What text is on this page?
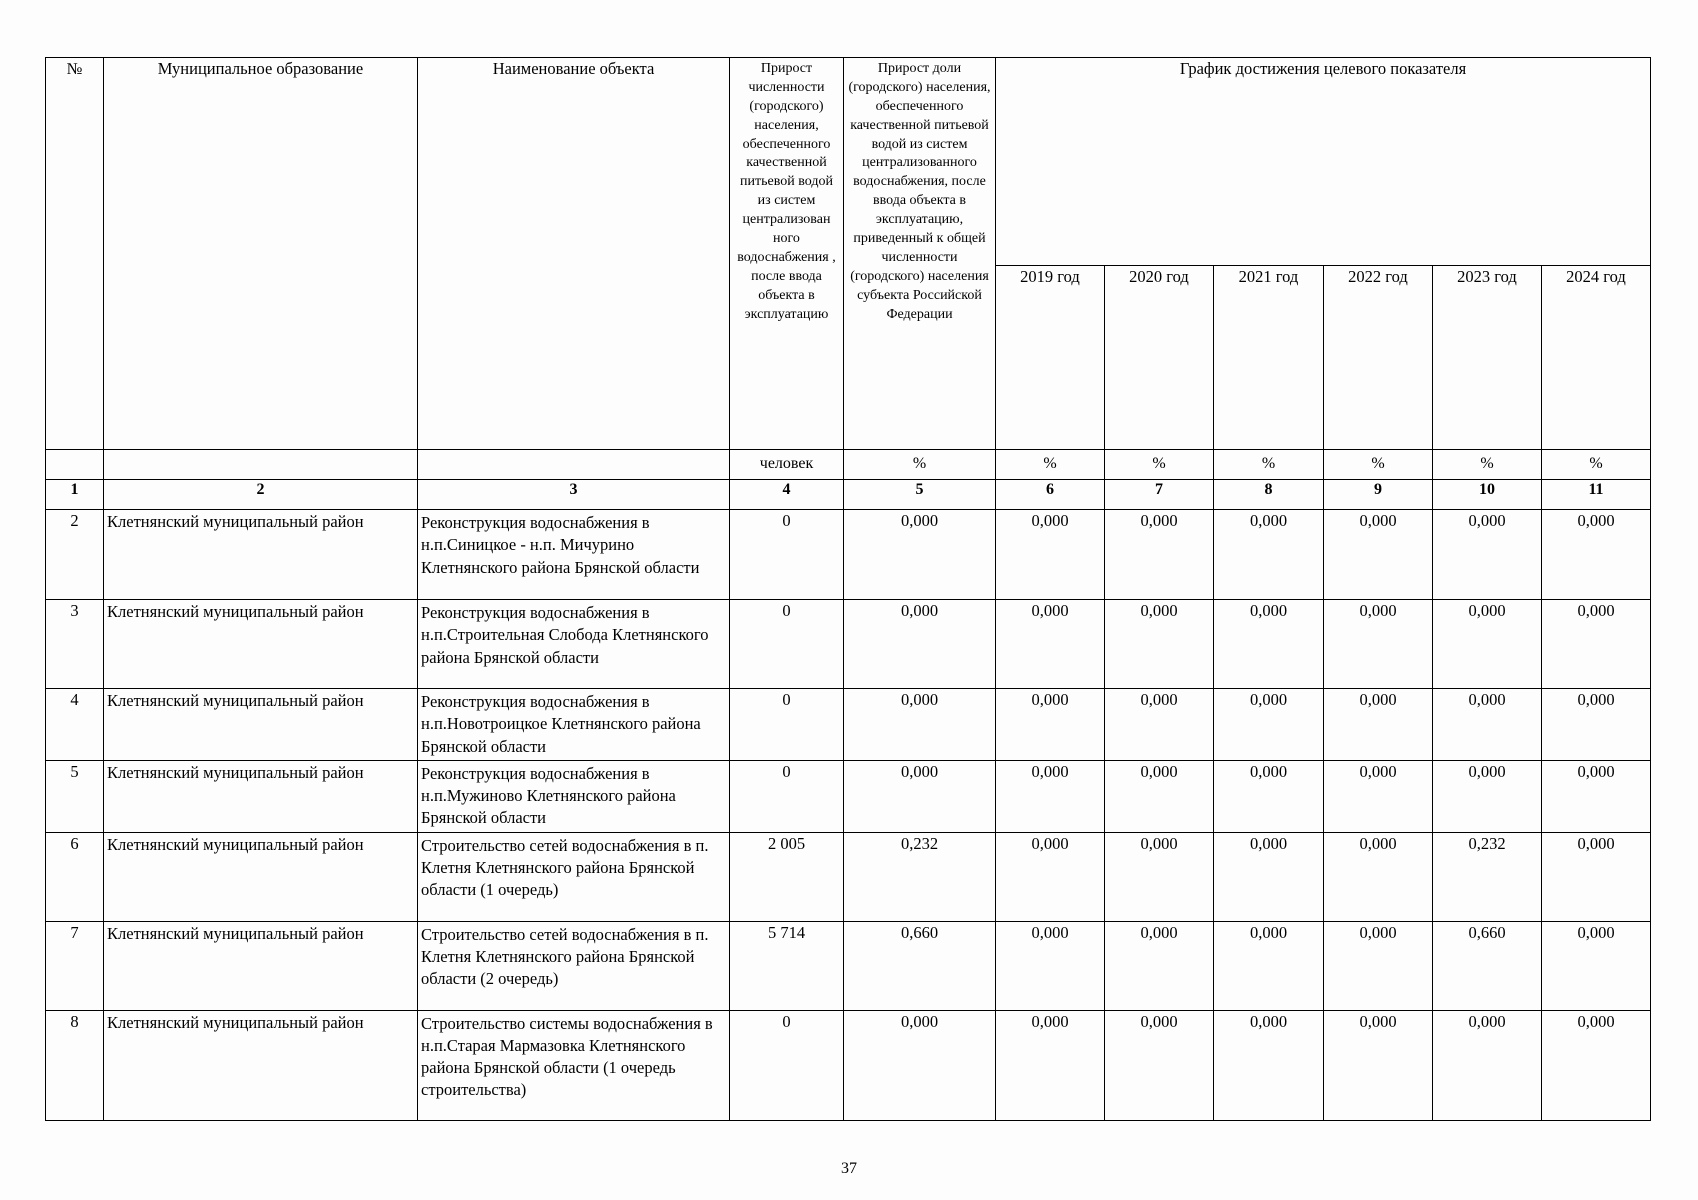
№	Муниципальное образование	Наименование объекта	Прирост численности (городского) населения, обеспеченного качественной питьевой водой из систем централизован ного водоснабжения , после ввода объекта в эксплуатацию	Прирост доли (городского) населения, обеспеченного качественной питьевой водой из систем централизованного водоснабжения, после ввода объекта в эксплуатацию, приведенный к общей численности (городского) населения субъекта Российской Федерации	График достижения целевого показателя					
					2019 год	2020 год	2021 год	2022 год	2023 год	2024 год
			человек	%	%	%	%	%	%	%
1	2	3	4	5	6	7	8	9	10	11
2	Клетнянский муниципальный район	Реконструкция водоснабжения в н.п.Синицкое - н.п. Мичурино Клетнянского района Брянской области	0	0,000	0,000	0,000	0,000	0,000	0,000	0,000
3	Клетнянский муниципальный район	Реконструкция водоснабжения в н.п.Строительная Слобода Клетнянского района Брянской области	0	0,000	0,000	0,000	0,000	0,000	0,000	0,000
4	Клетнянский муниципальный район	Реконструкция водоснабжения в н.п.Новотроицкое Клетнянского района Брянской области	0	0,000	0,000	0,000	0,000	0,000	0,000	0,000
5	Клетнянский муниципальный район	Реконструкция водоснабжения в н.п.Мужиново Клетнянского района Брянской области	0	0,000	0,000	0,000	0,000	0,000	0,000	0,000
6	Клетнянский муниципальный район	Строительство сетей водоснабжения в п. Клетня Клетнянского района Брянской области (1 очередь)	2 005	0,232	0,000	0,000	0,000	0,000	0,232	0,000
7	Клетнянский муниципальный район	Строительство сетей водоснабжения в п. Клетня Клетнянского района Брянской области (2 очередь)	5 714	0,660	0,000	0,000	0,000	0,000	0,660	0,000
8	Клетнянский муниципальный район	Строительство системы водоснабжения в н.п.Старая Мармазовка Клетнянского района Брянской области (1 очередь строительства)	0	0,000	0,000	0,000	0,000	0,000	0,000	0,000
37
